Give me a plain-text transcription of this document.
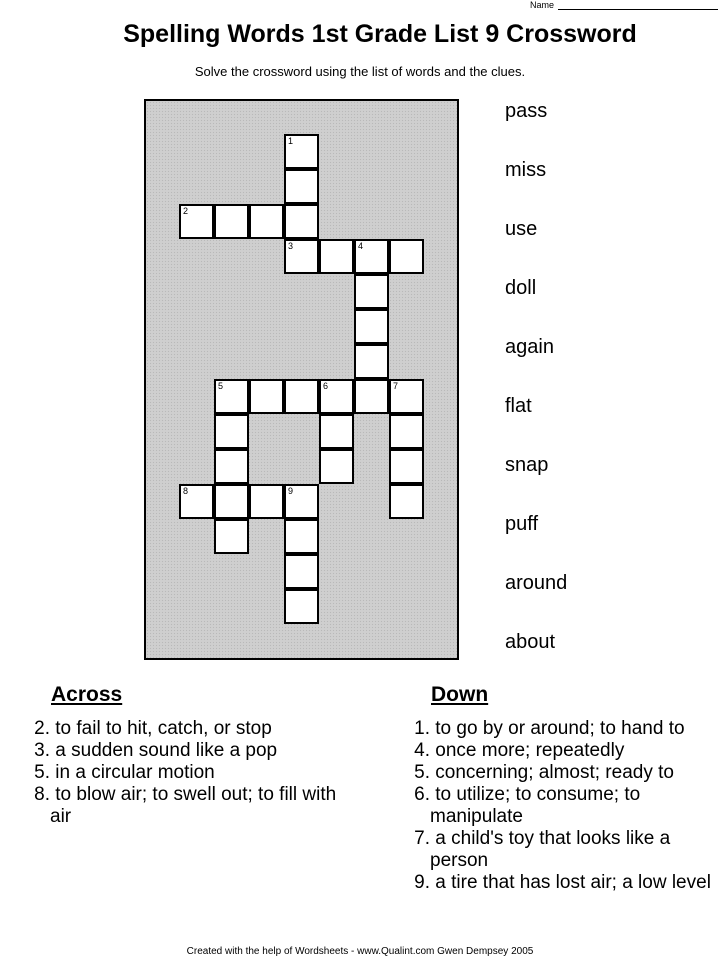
Name
Spelling Words 1st Grade List 9 Crossword
Solve the crossword using the list of words and the clues.
1
2
3	4
5	6	7
8	9
pass
miss
use
doll
again
flat
snap
puff
around
about
Across
2. to fail to hit, catch, or stop
3. a sudden sound like a pop
5. in a circular motion
8. to blow air; to swell out; to fill with air
Down
1. to go by or around; to hand to
4. once more; repeatedly
5. concerning; almost; ready to
6. to utilize; to consume; to manipulate
7. a child's toy that looks like a person
9. a tire that has lost air; a low level
Created with the help of Wordsheets - www.Qualint.com Gwen Dempsey 2005
